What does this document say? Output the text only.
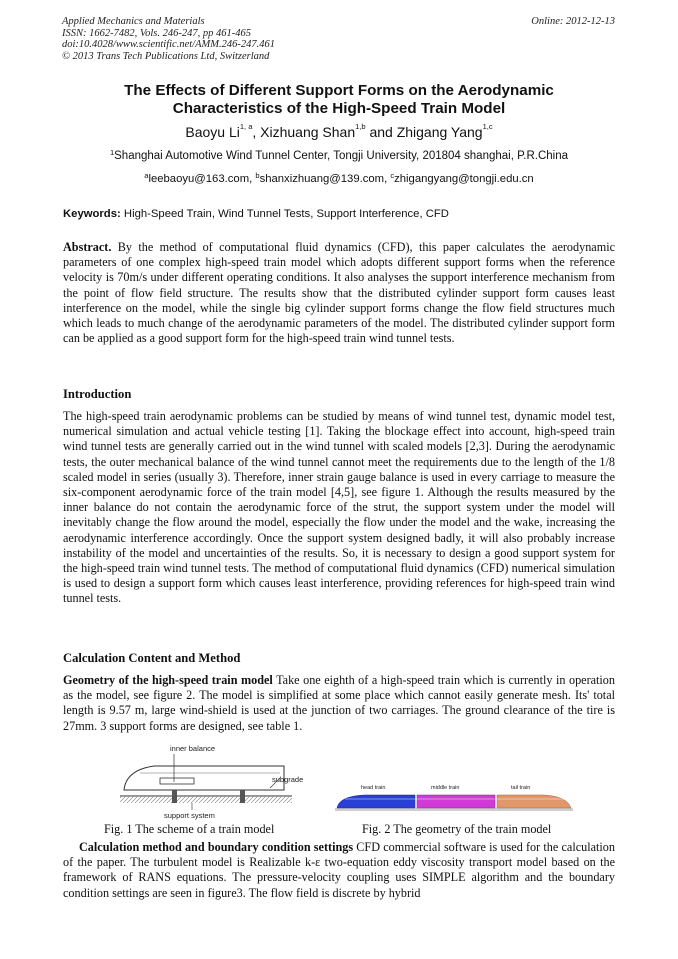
Applied Mechanics and Materials
ISSN: 1662-7482, Vols. 246-247, pp 461-465
doi:10.4028/www.scientific.net/AMM.246-247.461
© 2013 Trans Tech Publications Ltd, Switzerland
Online: 2012-12-13
The Effects of Different Support Forms on the Aerodynamic
Characteristics of the High-Speed Train Model
Baoyu Li$^{1, a}$, Xizhuang Shan$^{1,b}$ and Zhigang Yang$^{1,c}$
$^1$Shanghai Automotive Wind Tunnel Center, Tongji University, 201804 shanghai, P.R.China
$^a$leebaoyu@163.com, $^b$shanxizhuang@139.com, $^c$zhigangyang@tongji.edu.cn
Keywords: High-Speed Train, Wind Tunnel Tests, Support Interference, CFD
Abstract. By the method of computational fluid dynamics (CFD), this paper calculates the aerodynamic parameters of one complex high-speed train model which adopts different support forms when the reference velocity is 70m/s under different operating conditions. It also analyses the support interference mechanism from the point of flow field structure. The results show that the distributed cylinder support form causes least interference on the model, while the single big cylinder support forms change the flow field structures much which leads to much change of the aerodynamic parameters of the model. The distributed cylinder support form can be applied as a good support form for the high-speed train wind tunnel tests.
Introduction
The high-speed train aerodynamic problems can be studied by means of wind tunnel test, dynamic model test, numerical simulation and actual vehicle testing [1]. Taking the blockage effect into account, high-speed train wind tunnel tests are generally carried out in the wind tunnel with scaled models [2,3]. During the aerodynamic tests, the outer mechanical balance of the wind tunnel cannot meet the requirements due to the length of the 1/8 scaled model in series (usually 3). Therefore, inner strain gauge balance is used in every carriage to measure the six-component aerodynamic force of the train model [4,5], see figure 1. Although the results measured by the inner balance do not contain the aerodynamic force of the strut, the support system under the model will inevitably change the flow around the model, especially the flow under the model and the wake, increasing the aerodynamic interference accordingly. Once the support system designed badly, it will also probably increase instability of the model and uncertainties of the results. So, it is necessary to design a good support system for the high-speed train wind tunnel tests. The method of computational fluid dynamics (CFD) numerical simulation is used to design a support form which causes least interference, providing references for high-speed train wind tunnel tests.
Calculation Content and Method
Geometry of the high-speed train model Take one eighth of a high-speed train which is currently in operation as the model, see figure 2. The model is simplified at some place which cannot easily generate mesh. Its' total length is 9.57 m, large wind-shield is used at the junction of two carriages. The ground clearance of the tire is 27mm. 3 support forms are designed, see table 1.
inner balance
subgrade
support system
head train	middle train	tail train
Fig. 1 The scheme of a train model	Fig. 2 The geometry of the train model
Calculation method and boundary condition settings CFD commercial software is used for the calculation of the paper. The turbulent model is Realizable k-ε two-equation eddy viscosity transport model based on the framework of RANS equations. The pressure-velocity coupling uses SIMPLE algorithm and the boundary condition settings are seen in figure3. The flow field is discrete by hybrid
